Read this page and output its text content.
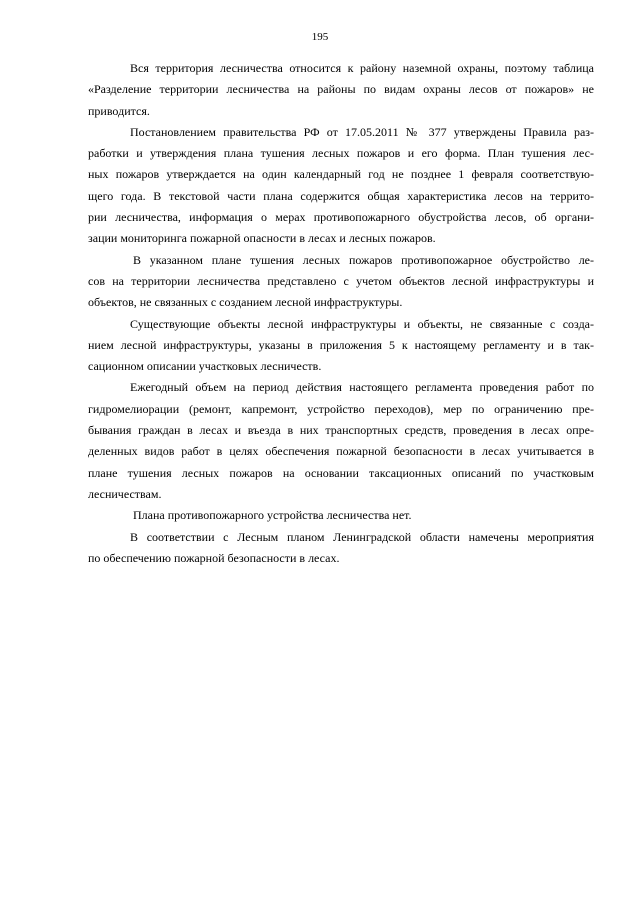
195
Вся территория лесничества относится к району наземной охраны, поэтому таблица
«Разделение территории лесничества на районы по видам охраны лесов от пожаров» не
приводится.
Постановлением правительства РФ от 17.05.2011 № 377 утверждены Правила раз-
работки и утверждения плана тушения лесных пожаров и его форма. План тушения лес-
ных пожаров утверждается на один календарный год не позднее 1 февраля соответствую-
щего года. В текстовой части плана содержится общая характеристика лесов на террито-
рии лесничества, информация о мерах противопожарного обустройства лесов, об органи-
зации мониторинга пожарной опасности в лесах и лесных пожаров.
В указанном плане тушения лесных пожаров противопожарное обустройство ле-
сов на территории лесничества представлено с учетом объектов лесной инфраструктуры и
объектов, не связанных с созданием лесной инфраструктуры.
Существующие объекты лесной инфраструктуры и объекты, не связанные с созда-
нием лесной инфраструктуры, указаны в приложения 5 к настоящему регламенту и в так-
сационном описании участковых лесничеств.
Ежегодный объем на период действия настоящего регламента проведения работ по
гидромелиорации (ремонт, капремонт, устройство переходов), мер по ограничению пре-
бывания граждан в лесах и въезда в них транспортных средств, проведения в лесах опре-
деленных видов работ в целях обеспечения пожарной безопасности в лесах учитывается в
плане тушения лесных пожаров на основании таксационных описаний по участковым
лесничествам.
Плана противопожарного устройства лесничества нет.
В соответствии с Лесным планом Ленинградской области намечены мероприятия
по обеспечению пожарной безопасности в лесах.
